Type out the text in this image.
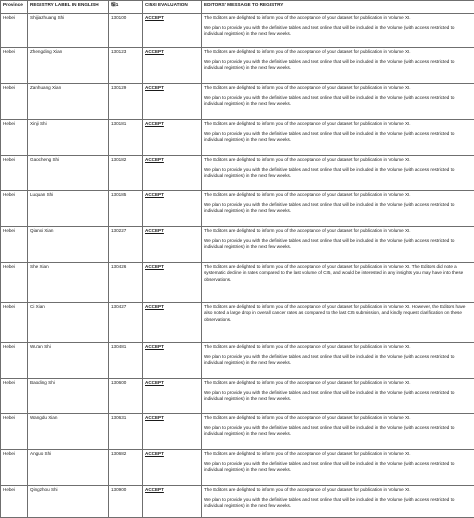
Province	REGISTRY LABEL IN ENGLISH	编1	CI5XI EVALUATION	EDITORS' MESSAGE TO REGISTRY
Hebei	Shijiazhuang Shi	130100	ACCEPT	The Editors are delighted to inform you of the acceptance of your dataset for publication in Volume XI.

We plan to provide you with the definitive tables and text online that will be included in the Volume (with access restricted to individual registries) in the next few weeks.

Hebei	Zhengding Xian	130123	ACCEPT	The Editors are delighted to inform you of the acceptance of your dataset for publication in Volume XI.

We plan to provide you with the definitive tables and text online that will be included in the Volume (with access restricted to individual registries) in the next few weeks.

Hebei	Zanhuang Xian	130129	ACCEPT	The Editors are delighted to inform you of the acceptance of your dataset for publication in Volume XI.

We plan to provide you with the definitive tables and text online that will be included in the Volume (with access restricted to individual registries) in the next few weeks.

Hebei	Xinji Shi	130181	ACCEPT	The Editors are delighted to inform you of the acceptance of your dataset for publication in Volume XI.

We plan to provide you with the definitive tables and text online that will be included in the Volume (with access restricted to individual registries) in the next few weeks.

Hebei	Gaocheng Shi	130182	ACCEPT	The Editors are delighted to inform you of the acceptance of your dataset for publication in Volume XI.

We plan to provide you with the definitive tables and text online that will be included in the Volume (with access restricted to individual registries) in the next few weeks.

Hebei	Luquan Shi	130185	ACCEPT	The Editors are delighted to inform you of the acceptance of your dataset for publication in Volume XI.

We plan to provide you with the definitive tables and text online that will be included in the Volume (with access restricted to individual registries) in the next few weeks.

Hebei	Qianxi Xian	130227	ACCEPT	The Editors are delighted to inform you of the acceptance of your dataset for publication in Volume XI.

We plan to provide you with the definitive tables and text online that will be included in the Volume (with access restricted to individual registries) in the next few weeks.

Hebei	She Xian	130426	ACCEPT	The Editors are delighted to inform you of the acceptance of your dataset for publication in Volume XI. The Editors did note a systematic decline in rates compared to the last volume of CI5, and would be interested in any insights you may have into these observations.

Hebei	Ci Xian	130427	ACCEPT	The Editors are delighted to inform you of the acceptance of your dataset for publication in Volume XI. However, the Editors have also noted a large drop in overall cancer rates as compared to the last CI5 submission, and kindly request clarification on these observations.

Hebei	Wu'an Shi	130481	ACCEPT	The Editors are delighted to inform you of the acceptance of your dataset for publication in Volume XI.

We plan to provide you with the definitive tables and text online that will be included in the Volume (with access restricted to individual registries) in the next few weeks.

Hebei	Baoding Shi	130600	ACCEPT	The Editors are delighted to inform you of the acceptance of your dataset for publication in Volume XI.

We plan to provide you with the definitive tables and text online that will be included in the Volume (with access restricted to individual registries) in the next few weeks.

Hebei	Wangdu Xian	130631	ACCEPT	The Editors are delighted to inform you of the acceptance of your dataset for publication in Volume XI.

We plan to provide you with the definitive tables and text online that will be included in the Volume (with access restricted to individual registries) in the next few weeks.

Hebei	Anguo Shi	130682	ACCEPT	The Editors are delighted to inform you of the acceptance of your dataset for publication in Volume XI.

We plan to provide you with the definitive tables and text online that will be included in the Volume (with access restricted to individual registries) in the next few weeks.

Hebei	Qingzhou Shi	130900	ACCEPT	The Editors are delighted to inform you of the acceptance of your dataset for publication in Volume XI.

We plan to provide you with the definitive tables and text online that will be included in the Volume (with access restricted to individual registries) in the next few weeks.
